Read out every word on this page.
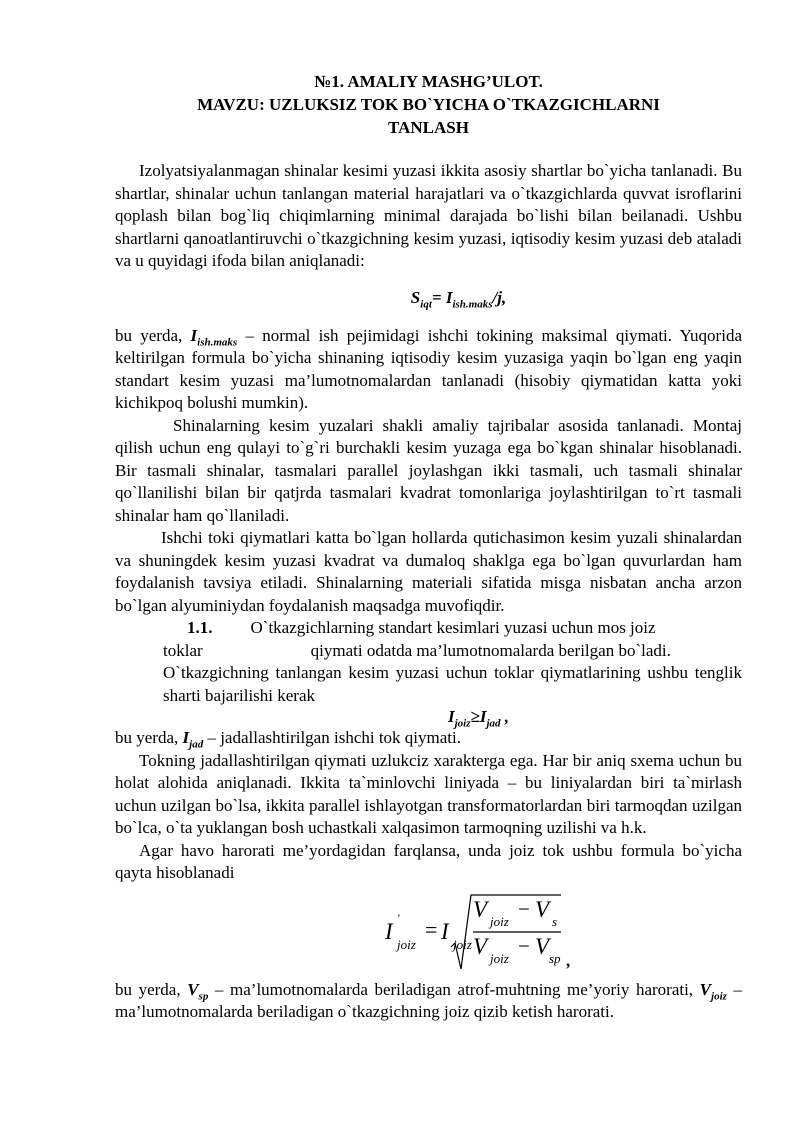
№1. AMALIY MASHG’ULOT.
MAVZU: UZLUKSIZ TOK BO`YICHA O`TKAZGICHLARNI
TANLASH

Izolyatsiyalanmagan shinalar kesimi yuzasi ikkita asosiy shartlar bo`yicha tanlanadi. Bu shartlar, shinalar uchun tanlangan material harajatlari va o`tkazgichlarda quvvat isroflarini qoplash bilan bog`liq chiqimlarning minimal darajada bo`lishi bilan beilanadi. Ushbu shartlarni qanoatlantiruvchi o`tkazgichning kesim yuzasi, iqtisodiy kesim yuzasi deb ataladi va u quyidagi ifoda bilan aniqlanadi:

$S_{iqt}= I_{ish.maks}/j$,

bu yerda, $I_{ish.maks}$ – normal ish pejimidagi ishchi tokining maksimal qiymati. Yuqorida keltirilgan formula bo`yicha shinaning iqtisodiy kesim yuzasiga yaqin bo`lgan eng yaqin standart kesim yuzasi ma’lumotnomalardan tanlanadi (hisobiy qiymatidan katta yoki kichikpoq bolushi mumkin).

Shinalarning kesim yuzalari shakli amaliy tajribalar asosida tanlanadi. Montaj qilish uchun eng qulayi to`g`ri burchakli kesim yuzaga ega bo`kgan shinalar hisoblanadi. Bir tasmali shinalar, tasmalari parallel joylashgan ikki tasmali, uch tasmali shinalar qo`llanilishi bilan bir qatjrda tasmalari kvadrat tomonlariga joylashtirilgan to`rt tasmali shinalar ham qo`llaniladi.

Ishchi toki qiymatlari katta bo`lgan hollarda qutichasimon kesim yuzali shinalardan va shuningdek kesim yuzasi kvadrat va dumaloq shaklga ega bo`lgan quvurlardan ham foydalanish tavsiya etiladi. Shinalarning materiali sifatida misga nisbatan ancha arzon bo`lgan alyuminiydan foydalanish maqsadga muvofiqdir.

1.1. O`tkazgichlarning standart kesimlari yuzasi uchun mos joiz

toklar	qiymati odatda ma’lumotnomalarda berilgan bo`ladi.

O`tkazgichning tanlangan kesim yuzasi uchun toklar qiymatlarining ushbu tenglik sharti bajarilishi kerak

$I_{joiz}\ge I_{jad}$ ,

bu yerda, $I_{jad}$ – jadallashtirilgan ishchi tok qiymati.

Tokning jadallashtirilgan qiymati uzlukciz xarakterga ega. Har bir aniq sxema uchun bu holat alohida aniqlanadi. Ikkita ta`minlovchi liniyada – bu liniyalardan biri ta`mirlash uchun uzilgan bo`lsa, ikkita parallel ishlayotgan transformatorlardan biri tarmoqdan uzilgan bo`lca, o`ta yuklangan bosh uchastkali xalqasimon tarmoqning uzilishi va h.k.

Agar havo harorati me’yordagidan farqlansa, unda joiz tok ushbu formula bo`yicha qayta hisoblanadi

I
'
joiz
= I
joiz
V joiz
− V s
V joiz
− V sp ,

bu yerda, $V_{sp}$ – ma’lumotnomalarda beriladigan atrof-muhtning me’yoriy harorati, $V_{joiz}$ – ma’lumotnomalarda beriladigan o`tkazgichning joiz qizib ketish harorati.
